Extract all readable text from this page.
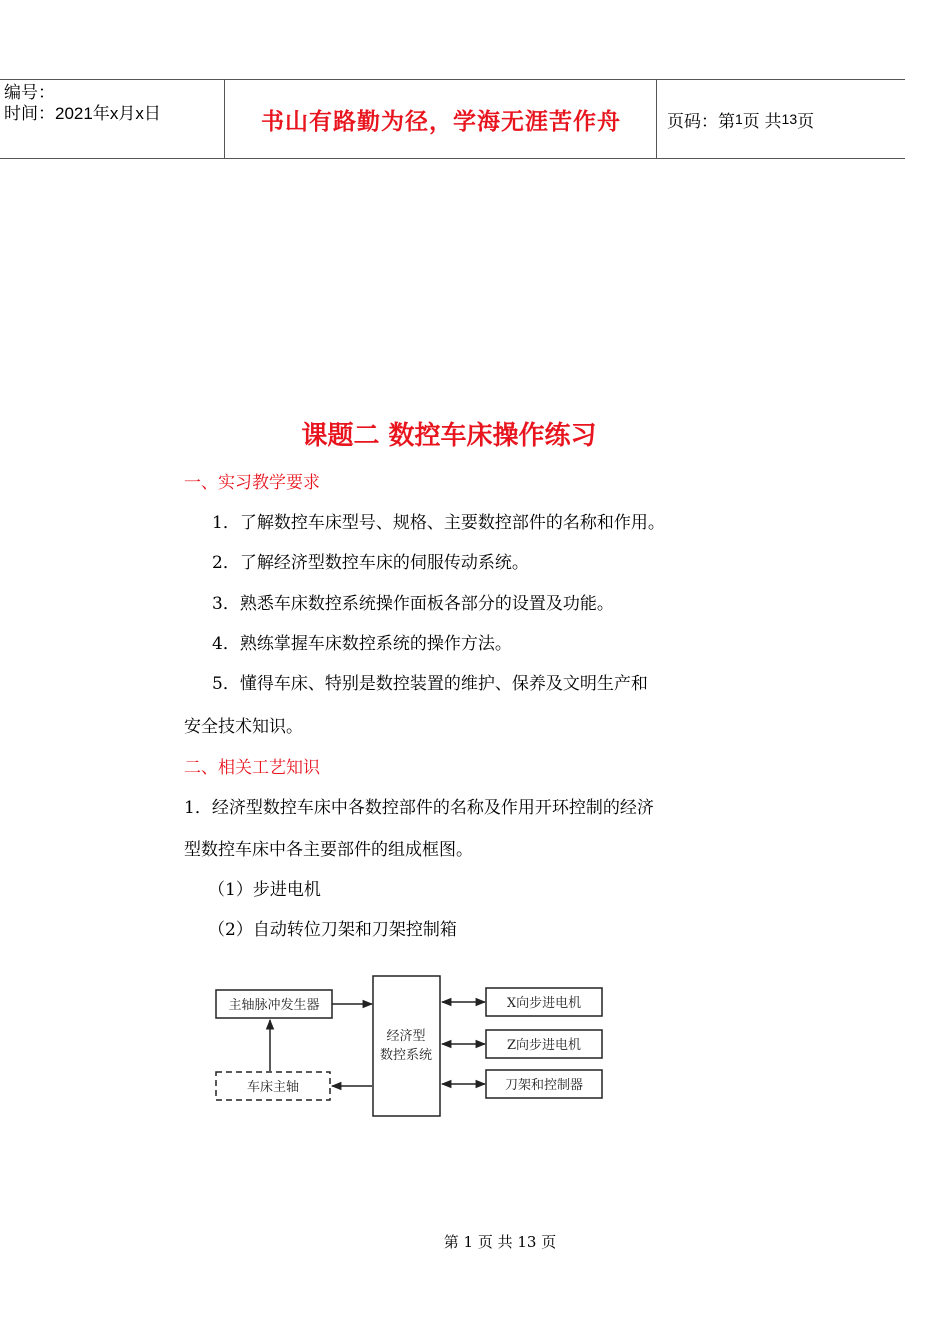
编号：
时间：2021年x月x日	书山有路勤为径，学海无涯苦作舟	页码：第 1 页 共 13 页
课题二 数控车床操作练习
一、实习教学要求
1．了解数控车床型号、规格、主要数控部件的名称和作用。
2．了解经济型数控车床的伺服传动系统。
3．熟悉车床数控系统操作面板各部分的设置及功能。
4．熟练掌握车床数控系统的操作方法。
5．懂得车床、特别是数控装置的维护、保养及文明生产和
安全技术知识。
二、相关工艺知识
1．经济型数控车床中各数控部件的名称及作用开环控制的经济
型数控车床中各主要部件的组成框图。
（1）步进电机
（2）自动转位刀架和刀架控制箱
主轴脉冲发生器
车床主轴
经济型
数控系统
X向步进电机
Z向步进电机
刀架和控制器
第 1 页 共 13 页
